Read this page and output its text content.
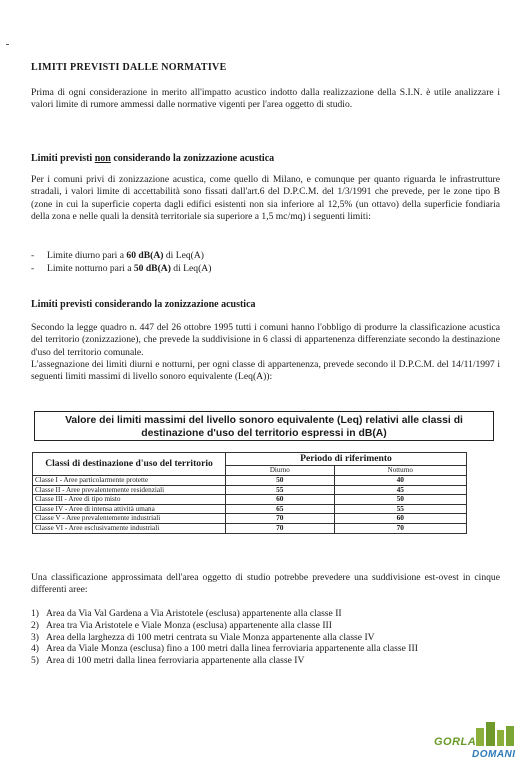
LIMITI PREVISTI DALLE NORMATIVE

Prima di ogni considerazione in merito all'impatto acustico indotto dalla realizzazione della S.I.N. è utile analizzare i valori limite di rumore ammessi dalle normative vigenti per l'area oggetto di studio.

Limiti previsti non considerando la zonizzazione acustica

Per i comuni privi di zonizzazione acustica, come quello di Milano, e comunque per quanto riguarda le infrastrutture stradali, i valori limite di accettabilità sono fissati dall'art.6 del D.P.C.M. del 1/3/1991 che prevede, per le zone tipo B (zone in cui la superficie coperta dagli edifici esistenti non sia inferiore al 12,5% (un ottavo) della superficie fondiaria della zona e nelle quali la densità territoriale sia superiore a 1,5 mc/mq) i seguenti limiti:

- Limite diurno pari a 60 dB(A) di Leq(A)
- Limite notturno pari a 50 dB(A) di Leq(A)
Limiti previsti considerando la zonizzazione acustica

Secondo la legge quadro n. 447 del 26 ottobre 1995 tutti i comuni hanno l'obbligo di produrre la classificazione acustica del territorio (zonizzazione), che prevede la suddivisione in 6 classi di appartenenza differenziate secondo la destinazione d'uso del territorio comunale.

L'assegnazione dei limiti diurni e notturni, per ogni classe di appartenenza, prevede secondo il D.P.C.M. del 14/11/1997 i seguenti limiti massimi di livello sonoro equivalente (Leq(A)):

Valore dei limiti massimi del livello sonoro equivalente (Leq) relativi alle classi di destinazione d'uso del territorio espressi in dB(A)
Classi di destinazione d'uso del territorio	Periodo di riferimento	
	Diurno	Notturno
Classe I - Aree particolarmente protette	50	40
Classe II - Aree prevalentemente residenziali	55	45
Classe III - Aree di tipo misto	60	50
Classe IV - Aree di intensa attività umana	65	55
Classe V - Aree prevalentemente industriali	70	60
Classe VI - Aree esclusivamente industriali	70	70

Una classificazione approssimata dell'area oggetto di studio potrebbe prevedere una suddivisione est-ovest in cinque differenti aree:

1) Area da Via Val Gardena a Via Aristotele (esclusa) appartenente alla classe II
2) Area tra Via Aristotele e Viale Monza (esclusa) appartenente alla classe III
3) Area della larghezza di 100 metri centrata su Viale Monza appartenente alla classe IV
4) Area da Viale Monza (esclusa) fino a 100 metri dalla linea ferroviaria appartenente alla classe III
5) Area di 100 metri dalla linea ferroviaria appartenente alla classe IV
GORLA
DOMANI
